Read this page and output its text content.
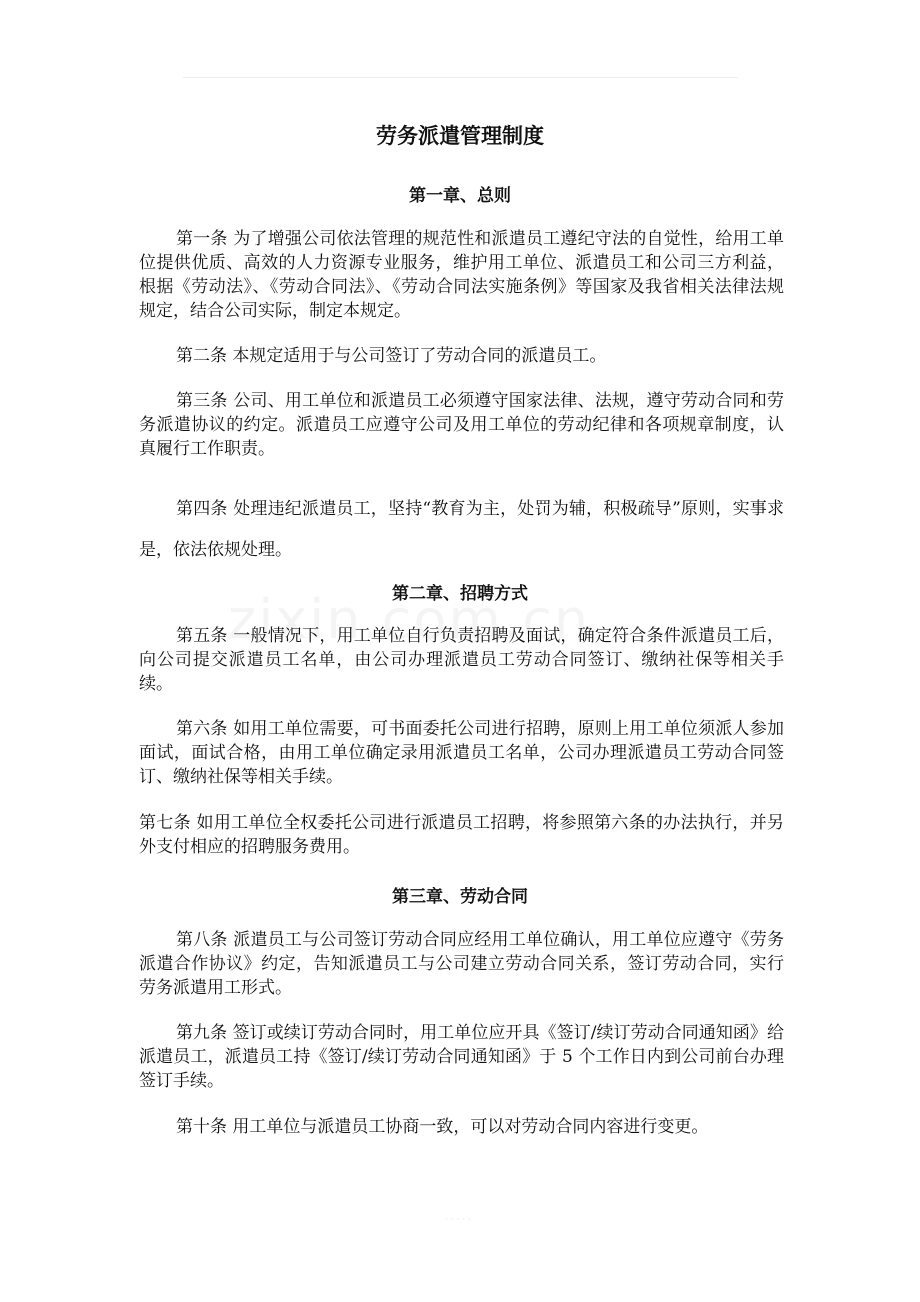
劳务派遣管理制度
第一章、总则
第一条 为了增强公司依法管理的规范性和派遣员工遵纪守法的自觉性，给用工单位提供优质、高效的人力资源专业服务，维护用工单位、派遣员工和公司三方利益，根据《劳动法》、《劳动合同法》、《劳动合同法实施条例》等国家及我省相关法律法规规定，结合公司实际，制定本规定。
第二条 本规定适用于与公司签订了劳动合同的派遣员工。
第三条 公司、用工单位和派遣员工必须遵守国家法律、法规，遵守劳动合同和劳务派遣协议的约定。派遣员工应遵守公司及用工单位的劳动纪律和各项规章制度，认真履行工作职责。
第四条 处理违纪派遣员工，坚持“教育为主，处罚为辅，积极疏导”原则，实事求是，依法依规处理。
第二章、招聘方式
第五条 一般情况下，用工单位自行负责招聘及面试，确定符合条件派遣员工后，向公司提交派遣员工名单，由公司办理派遣员工劳动合同签订、缴纳社保等相关手续。
第六条 如用工单位需要，可书面委托公司进行招聘，原则上用工单位须派人参加面试，面试合格，由用工单位确定录用派遣员工名单，公司办理派遣员工劳动合同签订、缴纳社保等相关手续。
第七条 如用工单位全权委托公司进行派遣员工招聘，将参照第六条的办法执行，并另外支付相应的招聘服务费用。
第三章、劳动合同
第八条 派遣员工与公司签订劳动合同应经用工单位确认，用工单位应遵守《劳务派遣合作协议》约定，告知派遣员工与公司建立劳动合同关系，签订劳动合同，实行劳务派遣用工形式。
第九条 签订或续订劳动合同时，用工单位应开具《签订/续订劳动合同通知函》给派遣员工，派遣员工持《签订/续订劳动合同通知函》于 5 个工作日内到公司前台办理签订手续。
第十条 用工单位与派遣员工协商一致，可以对劳动合同内容进行变更。
· · · · ·
